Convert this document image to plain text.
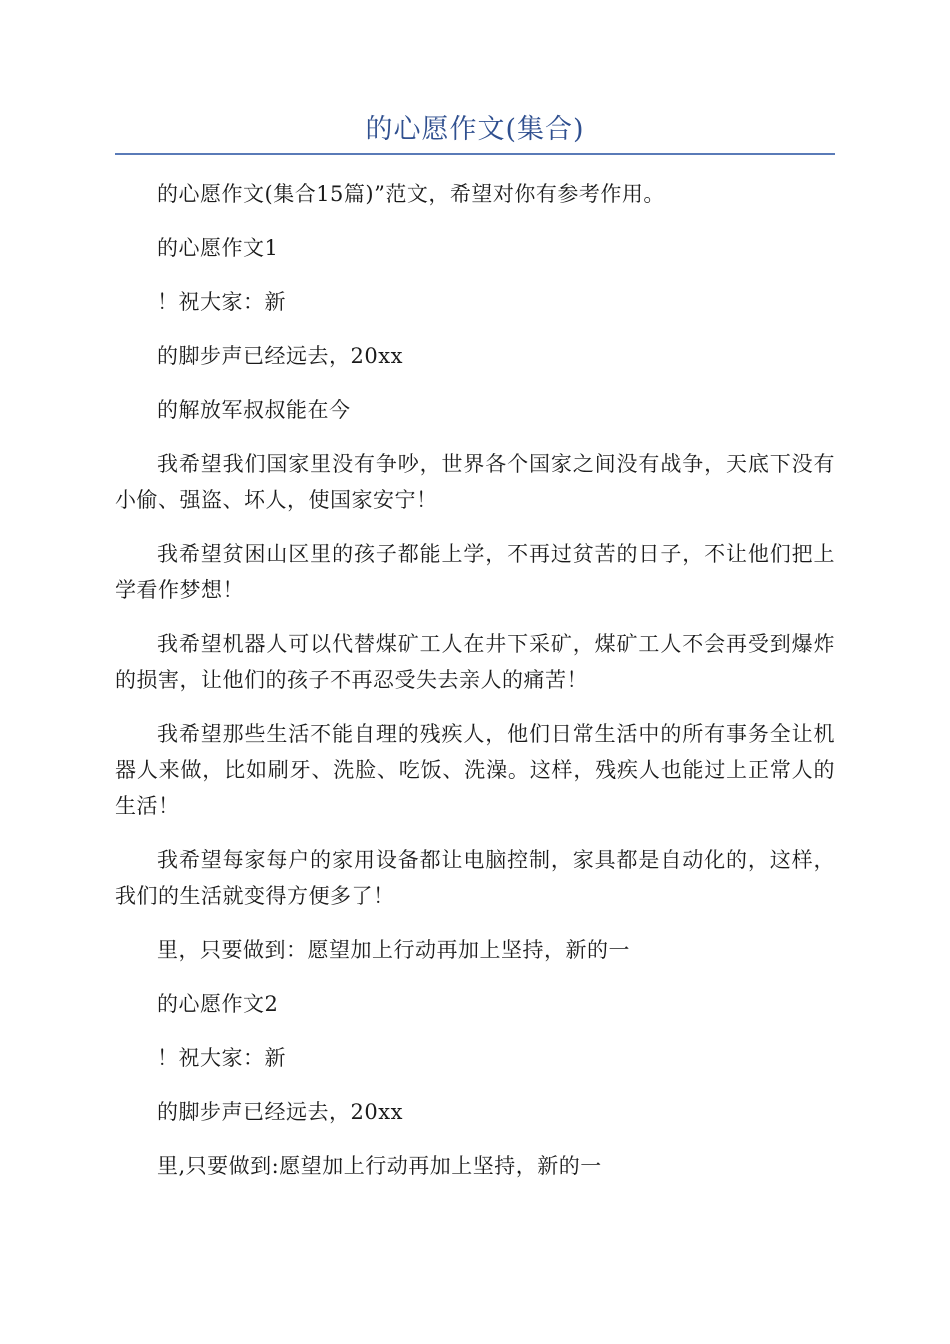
的心愿作文(集合)

的心愿作文(集合15篇)”范文，希望对你有参考作用。

的心愿作文1

！祝大家：新

的脚步声已经远去，20xx

的解放军叔叔能在今

我希望我们国家里没有争吵，世界各个国家之间没有战争，天底下没有小偷、强盗、坏人，使国家安宁！

我希望贫困山区里的孩子都能上学，不再过贫苦的日子，不让他们把上学看作梦想！

我希望机器人可以代替煤矿工人在井下采矿，煤矿工人不会再受到爆炸的损害，让他们的孩子不再忍受失去亲人的痛苦！

我希望那些生活不能自理的残疾人，他们日常生活中的所有事务全让机器人来做，比如刷牙、洗脸、吃饭、洗澡。这样，残疾人也能过上正常人的生活！

我希望每家每户的家用设备都让电脑控制，家具都是自动化的，这样，我们的生活就变得方便多了！

里，只要做到：愿望加上行动再加上坚持，新的一

的心愿作文2

！祝大家：新

的脚步声已经远去，20xx

里,只要做到:愿望加上行动再加上坚持，新的一
